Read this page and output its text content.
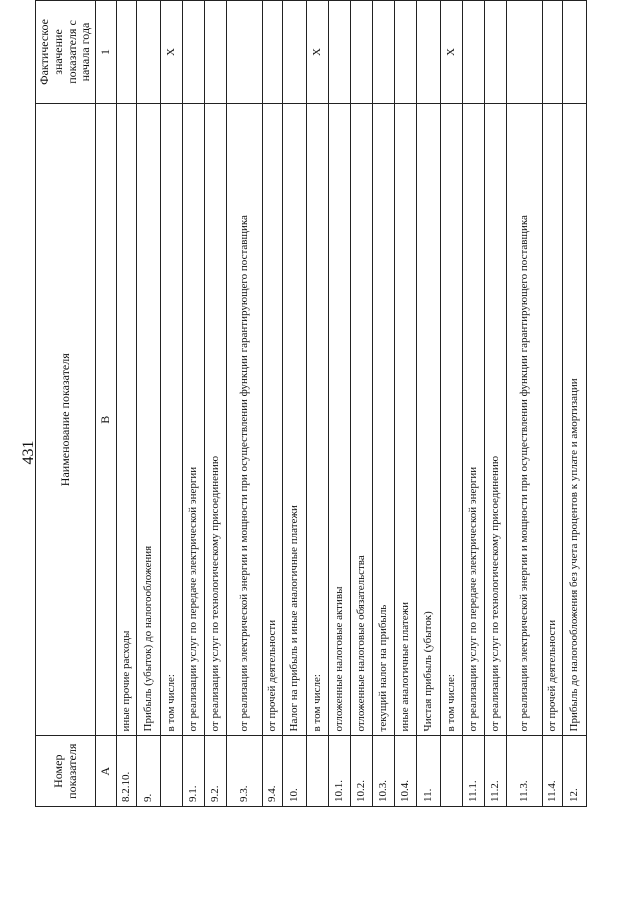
431
Номер показателя	Наименование показателя	Фактическое значение показателя с начала года
А	В	1
8.2.10.	иные прочие расходы	
9.	Прибыль (убыток) до налогообложения	
	в том числе:	X
9.1.	от реализации услуг по передаче электрической энергии	
9.2.	от реализации услуг по технологическому присоединению	
9.3.	от реализации электрической энергии и мощности при осуществлении функции гарантирующего поставщика	
9.4.	от прочей деятельности	
10.	Налог на прибыль и иные аналогичные платежи	
	в том числе:	X
10.1.	отложенные налоговые активы	
10.2.	отложенные налоговые обязательства	
10.3.	текущий налог на прибыль	
10.4.	иные аналогичные платежи	
11.	Чистая прибыль (убыток)	
	в том числе:	X
11.1.	от реализации услуг по передаче электрической энергии	
11.2.	от реализации услуг по технологическому присоединению	
11.3.	от реализации электрической энергии и мощности при осуществлении функции гарантирующего поставщика	
11.4.	от прочей деятельности	
12.	Прибыль до налогообложения без учета процентов к уплате и амортизации	
